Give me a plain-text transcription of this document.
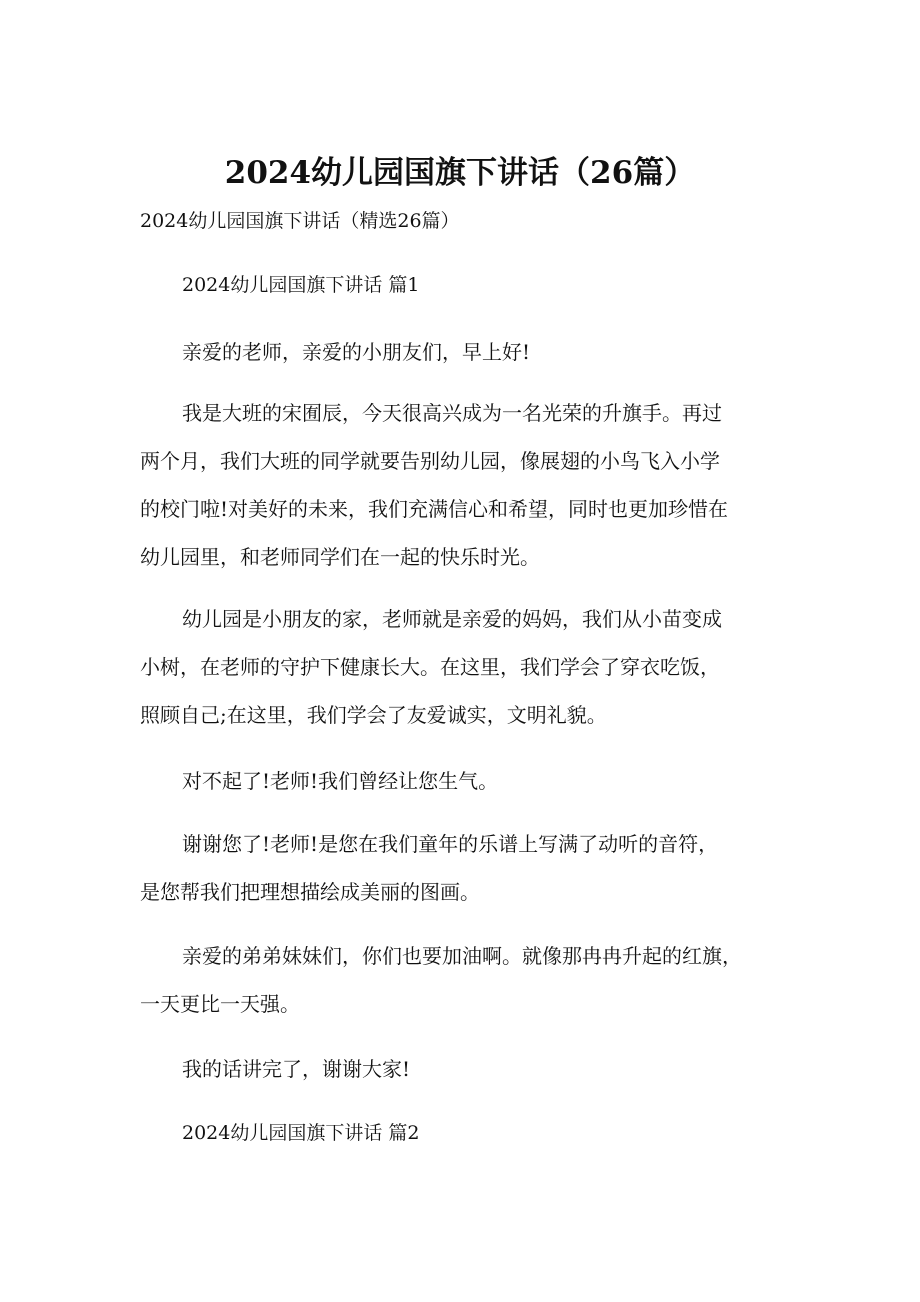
2024幼儿园国旗下讲话（26篇）
2024幼儿园国旗下讲话（精选26篇）
2024幼儿园国旗下讲话 篇1
亲爱的老师，亲爱的小朋友们，早上好!
我是大班的宋囿辰，今天很高兴成为一名光荣的升旗手。再过
两个月，我们大班的同学就要告别幼儿园，像展翅的小鸟飞入小学
的校门啦!对美好的未来，我们充满信心和希望，同时也更加珍惜在
幼儿园里，和老师同学们在一起的快乐时光。
幼儿园是小朋友的家，老师就是亲爱的妈妈，我们从小苗变成
小树，在老师的守护下健康长大。在这里，我们学会了穿衣吃饭，
照顾自己;在这里，我们学会了友爱诚实，文明礼貌。
对不起了!老师!我们曾经让您生气。
谢谢您了!老师!是您在我们童年的乐谱上写满了动听的音符，
是您帮我们把理想描绘成美丽的图画。
亲爱的弟弟妹妹们，你们也要加油啊。就像那冉冉升起的红旗，
一天更比一天强。
我的话讲完了，谢谢大家!
2024幼儿园国旗下讲话 篇2
